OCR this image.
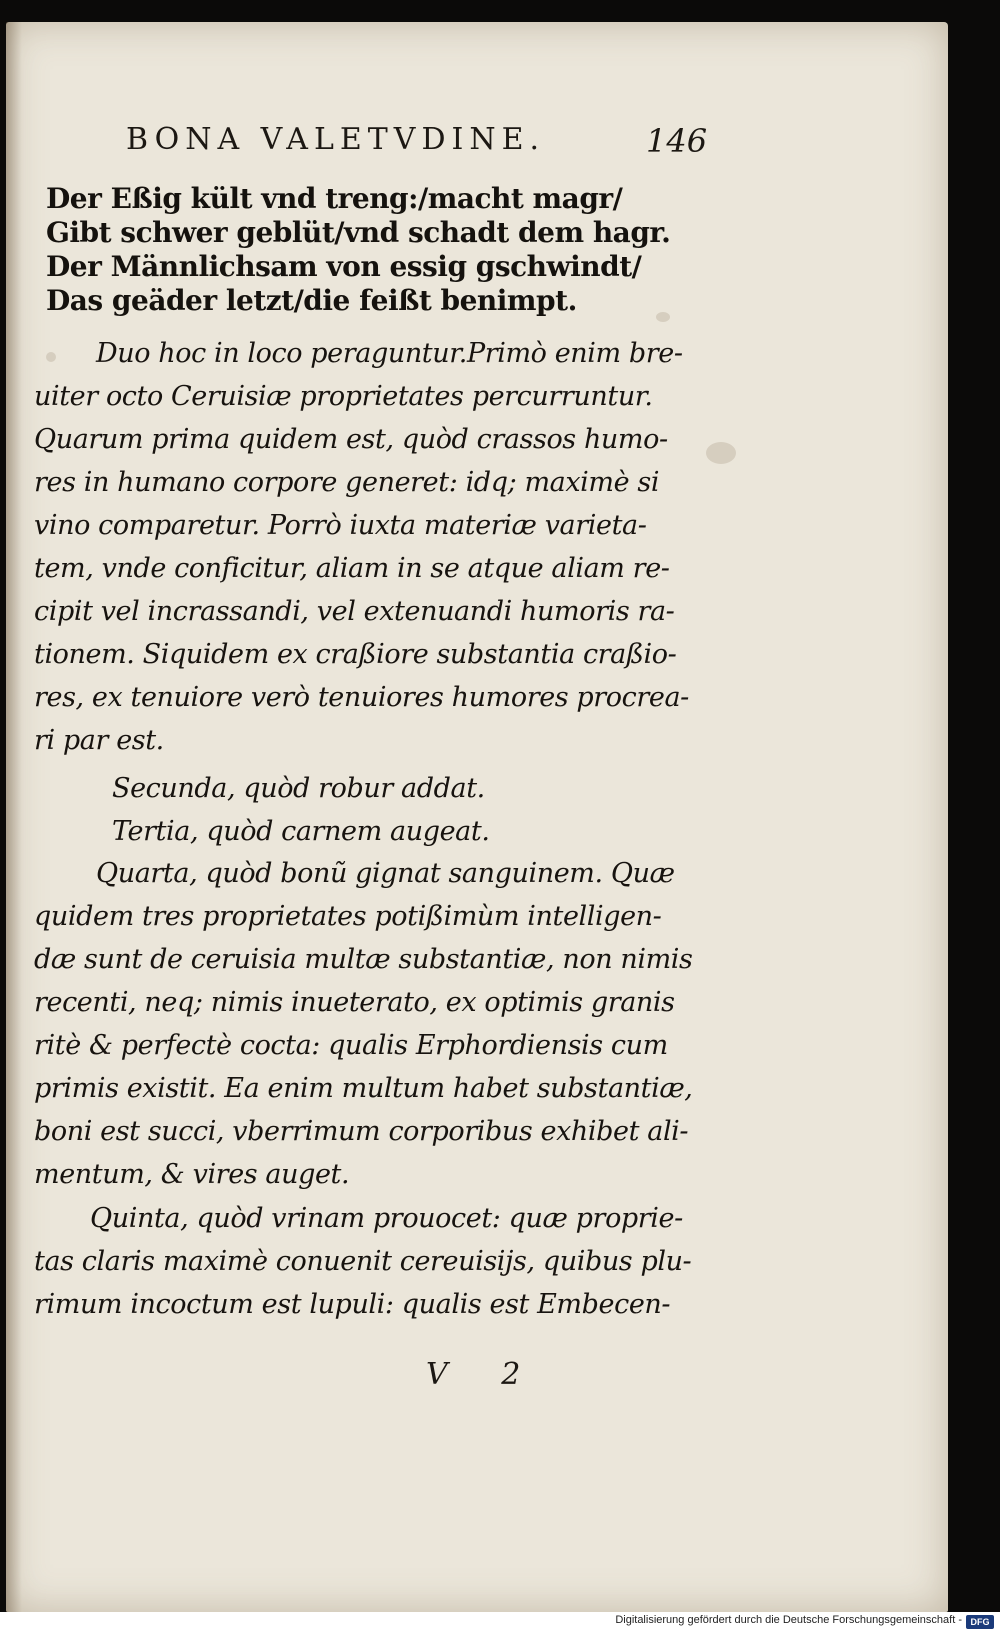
BONA VALETVDINE.	146
Der Eßig kült vnd treng:/macht magr/
Gibt schwer geblüt/vnd schadt dem hagr.
Der Männlichsam von essig gschwindt/
Das geäder letzt/die feißt benimpt.
Duo hoc in loco peraguntur.Primò enim bre-
uiter octo Ceruisiæ proprietates percurruntur.
Quarum prima quidem est, quòd crassos humo-
res in humano corpore generet: idq; maximè si
vino comparetur. Porrò iuxta materiæ varieta-
tem, vnde conficitur, aliam in se atque aliam re-
cipit vel incrassandi, vel extenuandi humoris ra-
tionem. Siquidem ex craßiore substantia craßio-
res, ex tenuiore verò tenuiores humores procrea-
ri par est.
Secunda, quòd robur addat.
Tertia, quòd carnem augeat.
Quarta, quòd bonũ gignat sanguinem. Quæ
quidem tres proprietates potißimùm intelligen-
dæ sunt de ceruisia multæ substantiæ, non nimis
recenti, neq; nimis inueterato, ex optimis granis
ritè & perfectè cocta: qualis Erphordiensis cum
primis existit. Ea enim multum habet substantiæ,
boni est succi, vberrimum corporibus exhibet ali-
mentum, & vires auget.
Quinta, quòd vrinam prouocet: quæ proprie-
tas claris maximè conuenit cereuisijs, quibus plu-
rimum incoctum est lupuli: qualis est Embecen-
V 2
Digitalisierung gefördert durch die Deutsche Forschungsgemeinschaft - DFG
